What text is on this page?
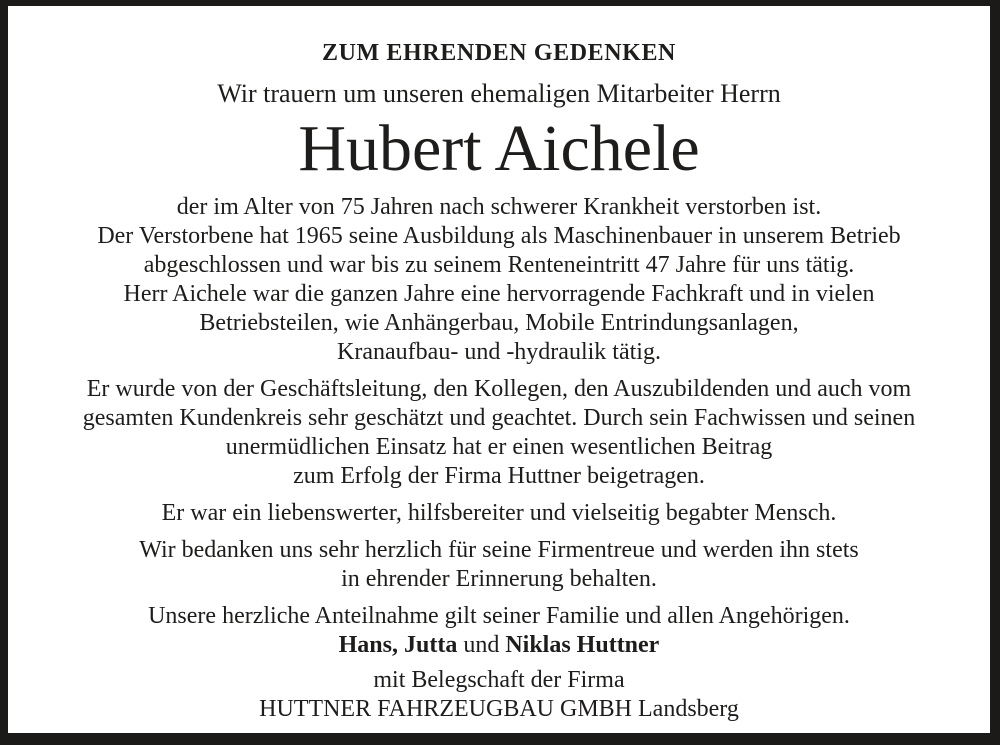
ZUM EHRENDEN GEDENKEN
Wir trauern um unseren ehemaligen Mitarbeiter Herrn
Hubert Aichele
der im Alter von 75 Jahren nach schwerer Krankheit verstorben ist.
Der Verstorbene hat 1965 seine Ausbildung als Maschinenbauer in unserem Betrieb
abgeschlossen und war bis zu seinem Renteneintritt 47 Jahre für uns tätig.
Herr Aichele war die ganzen Jahre eine hervorragende Fachkraft und in vielen
Betriebsteilen, wie Anhängerbau, Mobile Entrindungsanlagen,
Kranaufbau- und -hydraulik tätig.
Er wurde von der Geschäftsleitung, den Kollegen, den Auszubildenden und auch vom
gesamten Kundenkreis sehr geschätzt und geachtet. Durch sein Fachwissen und seinen
unermüdlichen Einsatz hat er einen wesentlichen Beitrag
zum Erfolg der Firma Huttner beigetragen.
Er war ein liebenswerter, hilfsbereiter und vielseitig begabter Mensch.
Wir bedanken uns sehr herzlich für seine Firmentreue und werden ihn stets
in ehrender Erinnerung behalten.
Unsere herzliche Anteilnahme gilt seiner Familie und allen Angehörigen.
Hans, Jutta und Niklas Huttner
mit Belegschaft der Firma
HUTTNER FAHRZEUGBAU GMBH Landsberg
